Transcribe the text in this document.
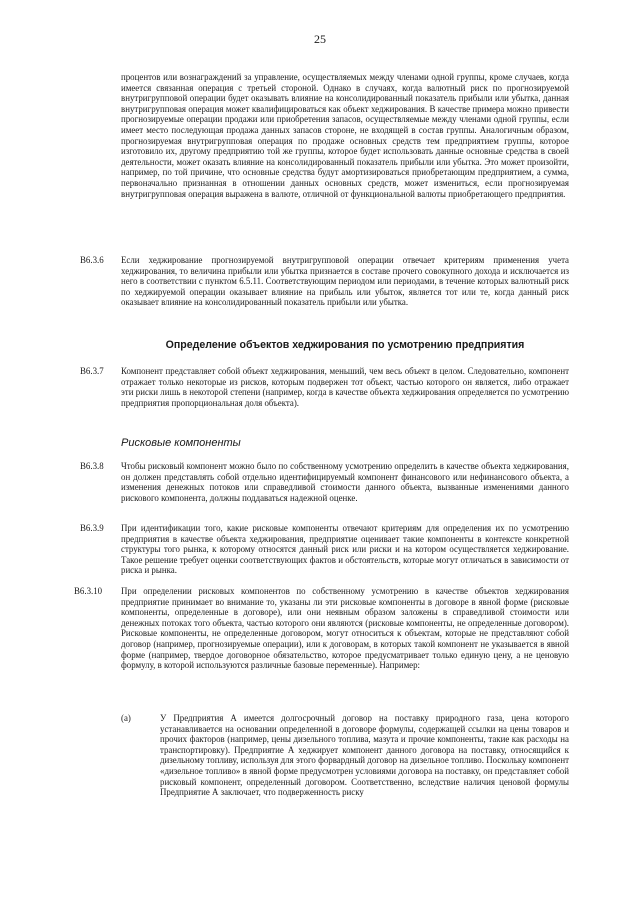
25
процентов или вознаграждений за управление, осуществляемых между членами одной группы, кроме случаев, когда имеется связанная операция с третьей стороной. Однако в случаях, когда валютный риск по прогнозируемой внутригрупповой операции будет оказывать влияние на консолидированный показатель прибыли или убытка, данная внутригрупповая операция может квалифицироваться как объект хеджирования. В качестве примера можно привести прогнозируемые операции продажи или приобретения запасов, осуществляемые между членами одной группы, если имеет место последующая продажа данных запасов стороне, не входящей в состав группы. Аналогичным образом, прогнозируемая внутригрупповая операция по продаже основных средств тем предприятием группы, которое изготовило их, другому предприятию той же группы, которое будет использовать данные основные средства в своей деятельности, может оказать влияние на консолидированный показатель прибыли или убытка. Это может произойти, например, по той причине, что основные средства будут амортизироваться приобретающим предприятием, а сумма, первоначально признанная в отношении данных основных средств, может измениться, если прогнозируемая внутригрупповая операция выражена в валюте, отличной от функциональной валюты приобретающего предприятия.
B6.3.6 Если хеджирование прогнозируемой внутригрупповой операции отвечает критериям применения учета хеджирования, то величина прибыли или убытка признается в составе прочего совокупного дохода и исключается из него в соответствии с пунктом 6.5.11. Соответствующим периодом или периодами, в течение которых валютный риск по хеджируемой операции оказывает влияние на прибыль или убыток, является тот или те, когда данный риск оказывает влияние на консолидированный показатель прибыли или убытка.
Определение объектов хеджирования по усмотрению предприятия
B6.3.7 Компонент представляет собой объект хеджирования, меньший, чем весь объект в целом. Следовательно, компонент отражает только некоторые из рисков, которым подвержен тот объект, частью которого он является, либо отражает эти риски лишь в некоторой степени (например, когда в качестве объекта хеджирования определяется по усмотрению предприятия пропорциональная доля объекта).
Рисковые компоненты
B6.3.8 Чтобы рисковый компонент можно было по собственному усмотрению определить в качестве объекта хеджирования, он должен представлять собой отдельно идентифицируемый компонент финансового или нефинансового объекта, а изменения денежных потоков или справедливой стоимости данного объекта, вызванные изменениями данного рискового компонента, должны поддаваться надежной оценке.
B6.3.9 При идентификации того, какие рисковые компоненты отвечают критериям для определения их по усмотрению предприятия в качестве объекта хеджирования, предприятие оценивает такие компоненты в контексте конкретной структуры того рынка, к которому относятся данный риск или риски и на котором осуществляется хеджирование. Такое решение требует оценки соответствующих фактов и обстоятельств, которые могут отличаться в зависимости от риска и рынка.
B6.3.10 При определении рисковых компонентов по собственному усмотрению в качестве объектов хеджирования предприятие принимает во внимание то, указаны ли эти рисковые компоненты в договоре в явной форме (рисковые компоненты, определенные в договоре), или они неявным образом заложены в справедливой стоимости или денежных потоках того объекта, частью которого они являются (рисковые компоненты, не определенные договором). Рисковые компоненты, не определенные договором, могут относиться к объектам, которые не представляют собой договор (например, прогнозируемые операции), или к договорам, в которых такой компонент не указывается в явной форме (например, твердое договорное обязательство, которое предусматривает только единую цену, а не ценовую формулу, в которой используются различные базовые переменные). Например:
(a)	У Предприятия А имеется долгосрочный договор на поставку природного газа, цена которого устанавливается на основании определенной в договоре формулы, содержащей ссылки на цены товаров и прочих факторов (например, цены дизельного топлива, мазута и прочие компоненты, такие как расходы на транспортировку). Предприятие А хеджирует компонент данного договора на поставку, относящийся к дизельному топливу, используя для этого форвардный договор на дизельное топливо. Поскольку компонент «дизельное топливо» в явной форме предусмотрен условиями договора на поставку, он представляет собой рисковый компонент, определенный договором. Соответственно, вследствие наличия ценовой формулы Предприятие А заключает, что подверженность риску
